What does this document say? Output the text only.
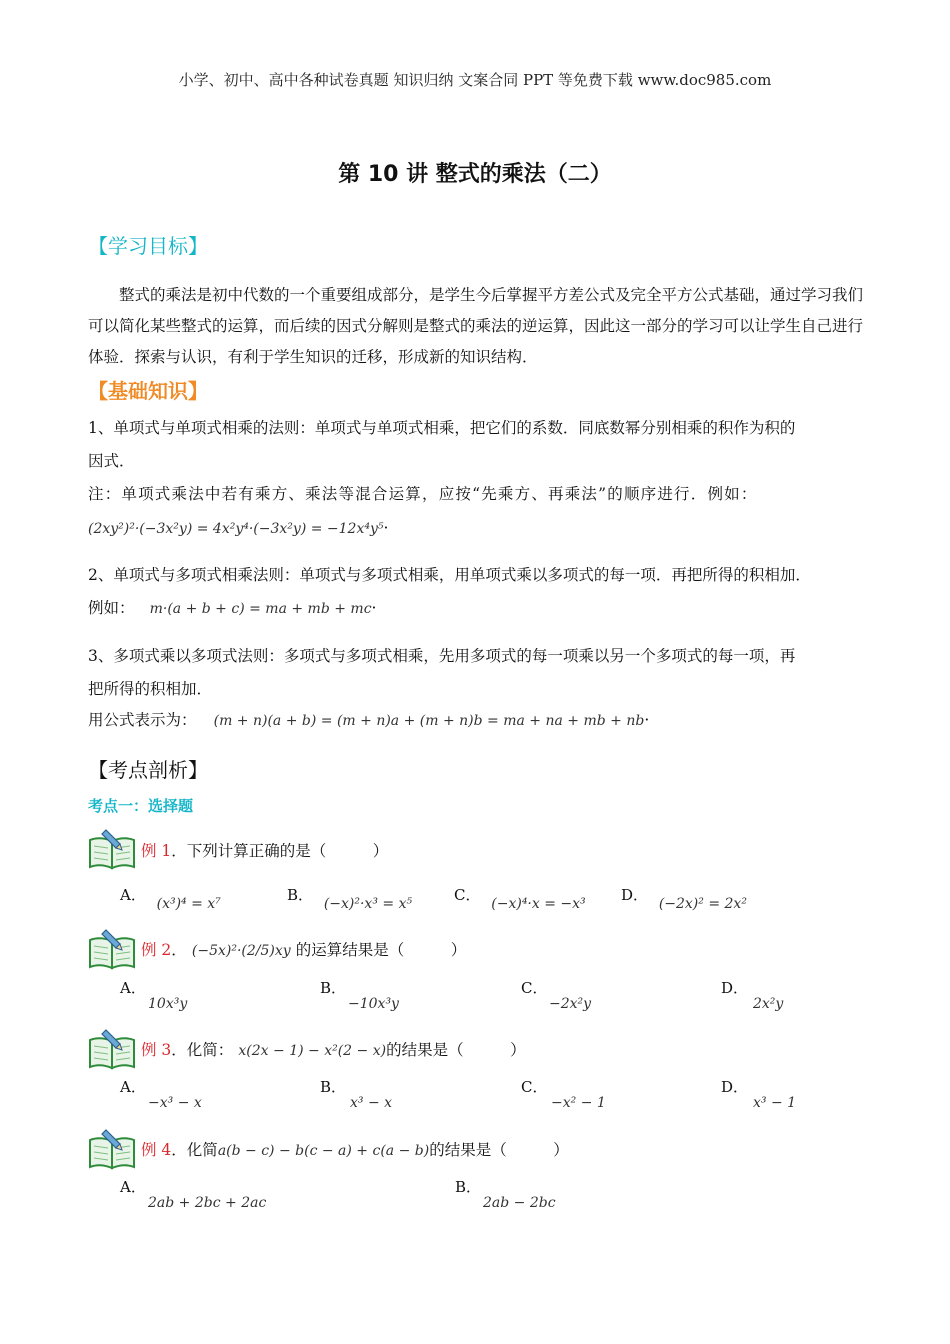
小学、初中、高中各种试卷真题 知识归纳 文案合同 PPT 等免费下载 www.doc985.com
第 10 讲 整式的乘法（二）
【学习目标】
整式的乘法是初中代数的一个重要组成部分，是学生今后掌握平方差公式及完全平方公式基础，通过学习我们可以简化某些整式的运算，而后续的因式分解则是整式的乘法的逆运算，因此这一部分的学习可以让学生自己进行体验．探索与认识，有利于学生知识的迁移，形成新的知识结构．
【基础知识】
1、单项式与单项式相乘的法则：单项式与单项式相乘，把它们的系数．同底数幂分别相乘的积作为积的
因式．
注：单项式乘法中若有乘方、乘法等混合运算，应按“先乘方、再乘法”的顺序进行．例如：
(2xy²)²·(−3x²y) = 4x²y⁴·(−3x²y) = −12x⁴y⁵·
2、单项式与多项式相乘法则：单项式与多项式相乘，用单项式乘以多项式的每一项．再把所得的积相加．
例如： m·(a + b + c) = ma + mb + mc·
3、多项式乘以多项式法则：多项式与多项式相乘，先用多项式的每一项乘以另一个多项式的每一项，再
把所得的积相加．
用公式表示为： (m + n)(a + b) = (m + n)a + (m + n)b = ma + na + mb + nb·
【考点剖析】
考点一：选择题
例 1．下列计算正确的是（　　　）
A． (x³)⁴ = x⁷	B． (−x)²·x³ = x⁵	C． (−x)⁴·x = −x³ D． (−2x)² = 2x²
例 2． (−5x)²·(2/5)xy 的运算结果是（　　　）
A．
10x³y
B．
−10x³y
C．
−2x²y
D．
2x²y
例 3．化简： x(2x − 1) − x²(2 − x)的结果是（　　　）
A．
−x³ − x
B．
x³ − x
C．
−x² − 1
D．
x³ − 1
例 4．化简a(b − c) − b(c − a) + c(a − b)的结果是（　　　）
A．
2ab + 2bc + 2ac
B．
2ab − 2bc
